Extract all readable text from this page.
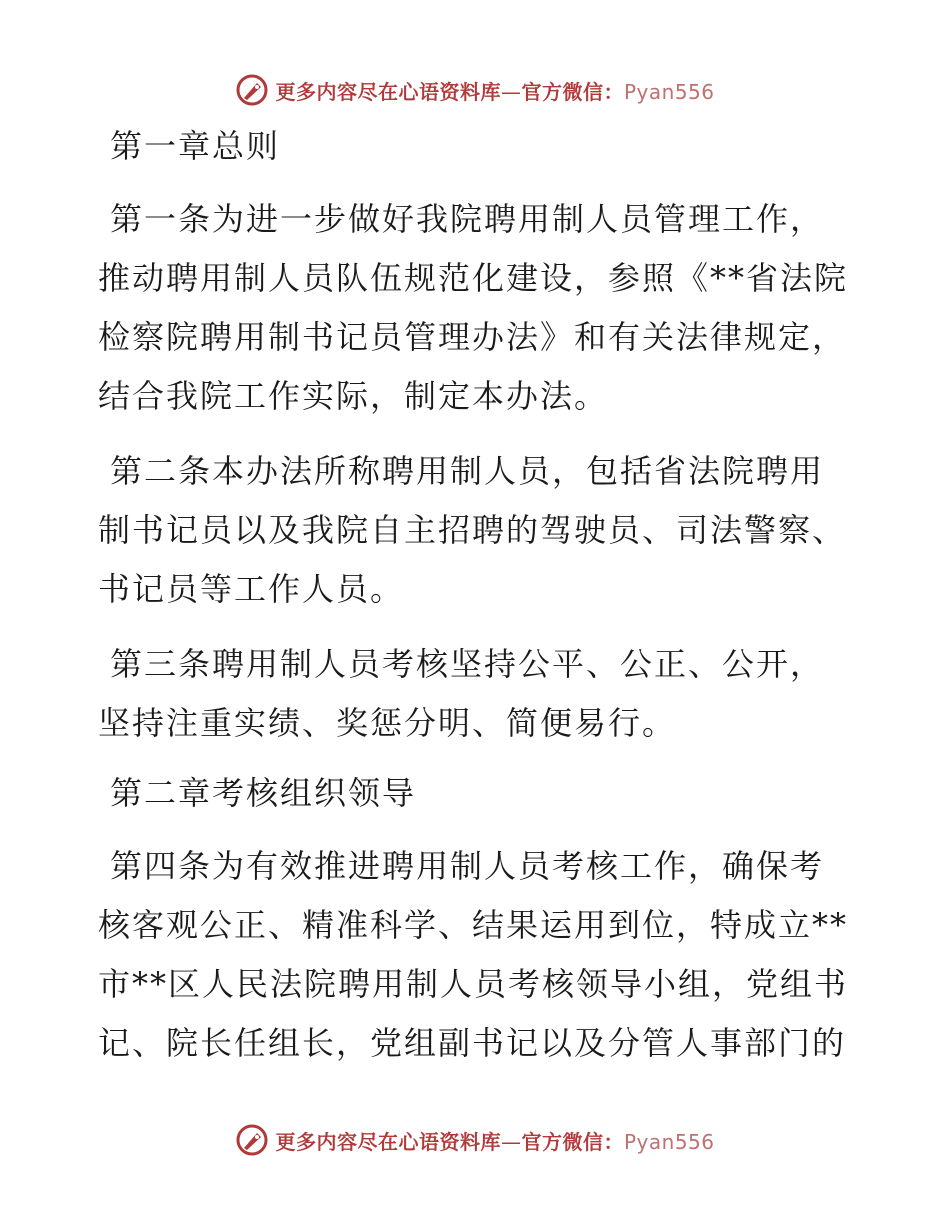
更多内容尽在心语资料库—官方微信：Pyan556
第一章总则
第一条为进一步做好我院聘用制人员管理工作，
推动聘用制人员队伍规范化建设，参照《**省法院
检察院聘用制书记员管理办法》和有关法律规定，
结合我院工作实际，制定本办法。
第二条本办法所称聘用制人员，包括省法院聘用
制书记员以及我院自主招聘的驾驶员、司法警察、
书记员等工作人员。
第三条聘用制人员考核坚持公平、公正、公开，
坚持注重实绩、奖惩分明、简便易行。
第二章考核组织领导
第四条为有效推进聘用制人员考核工作，确保考
核客观公正、精准科学、结果运用到位，特成立**
市**区人民法院聘用制人员考核领导小组，党组书
记、院长任组长，党组副书记以及分管人事部门的
更多内容尽在心语资料库—官方微信：Pyan556
